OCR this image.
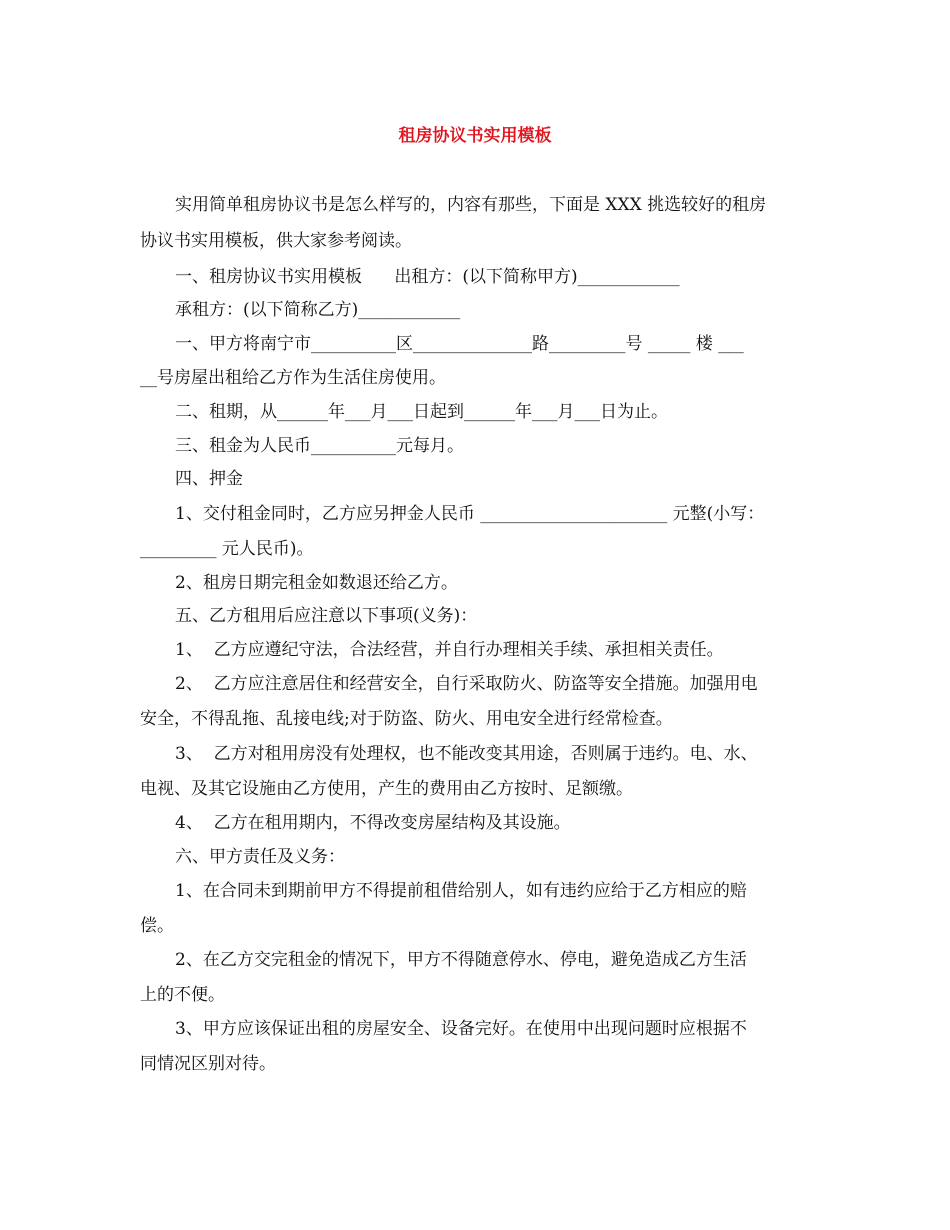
租房协议书实用模板

实用简单租房协议书是怎么样写的，内容有那些，下面是 XXX 挑选较好的租房

协议书实用模板，供大家参考阅读。

一、租房协议书实用模板      出租方：(以下简称甲方)____________

承租方：(以下简称乙方)____________

一、甲方将南宁市__________区______________路_________号 _____ 楼 ___

__号房屋出租给乙方作为生活住房使用。

二、租期，从______年___月___日起到______年___月___日为止。

三、租金为人民币__________元每月。

四、押金

1、交付租金同时，乙方应另押金人民币 ______________________ 元整(小写：

_________ 元人民币)。

2、租房日期完租金如数退还给乙方。

五、乙方租用后应注意以下事项(义务)：

1、  乙方应遵纪守法，合法经营，并自行办理相关手续、承担相关责任。

2、  乙方应注意居住和经营安全，自行采取防火、防盗等安全措施。加强用电

安全，不得乱拖、乱接电线;对于防盗、防火、用电安全进行经常检查。

3、  乙方对租用房没有处理权，也不能改变其用途，否则属于违约。电、水、

电视、及其它设施由乙方使用，产生的费用由乙方按时、足额缴。

4、  乙方在租用期内，不得改变房屋结构及其设施。

六、甲方责任及义务：

1、在合同未到期前甲方不得提前租借给别人，如有违约应给于乙方相应的赔

偿。

2、在乙方交完租金的情况下，甲方不得随意停水、停电，避免造成乙方生活

上的不便。

3、甲方应该保证出租的房屋安全、设备完好。在使用中出现问题时应根据不

同情况区别对待。
